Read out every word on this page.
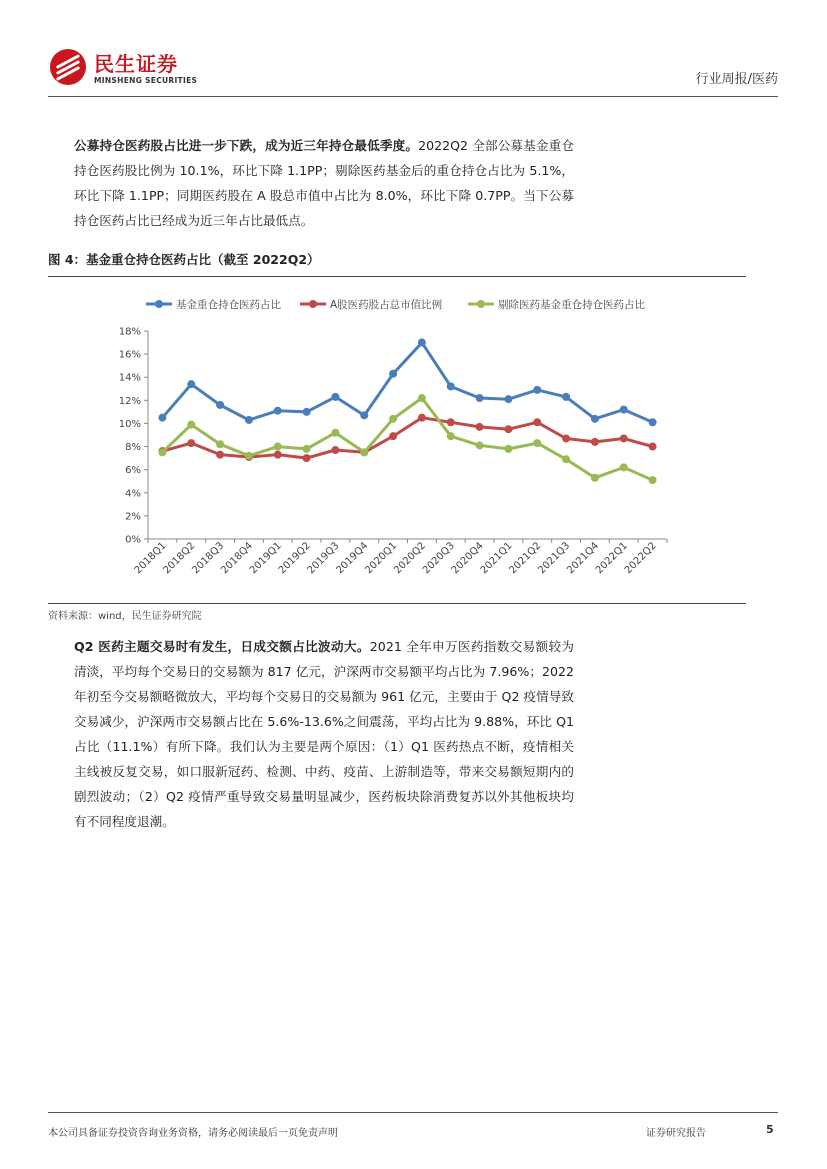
民生证券
MINSHENG SECURITIES	行业周报/医药

公募持仓医药股占比进一步下跌，成为近三年持仓最低季度。2022Q2 全部公募基金重仓持仓医药股比例为 10.1%，环比下降 1.1PP；剔除医药基金后的重仓持仓占比为 5.1%，环比下降 1.1PP；同期医药股在 A 股总市值中占比为 8.0%，环比下降 0.7PP。当下公募持仓医药占比已经成为近三年占比最低点。

图 4：基金重仓持仓医药占比（截至 2022Q2）
0%
2%
4%
6%
8%
10%
12%
14%
16%
18%
2018Q1
2018Q2
2018Q3
2018Q4
2019Q1
2019Q2
2019Q3
2019Q4
2020Q1
2020Q2
2020Q3
2020Q4
2021Q1
2021Q2
2021Q3
2021Q4
2022Q1
2022Q2
基金重仓持仓医药占比	A股医药股占总市值比例	剔除医药基金重仓持仓医药占比
资料来源：wind，民生证券研究院

Q2 医药主题交易时有发生，日成交额占比波动大。2021 全年申万医药指数交易额较为清淡，平均每个交易日的交易额为 817 亿元，沪深两市交易额平均占比为 7.96%；2022 年初至今交易额略微放大，平均每个交易日的交易额为 961 亿元，主要由于 Q2 疫情导致交易减少，沪深两市交易额占比在 5.6%-13.6%之间震荡，平均占比为 9.88%，环比 Q1 占比（11.1%）有所下降。我们认为主要是两个原因：（1）Q1 医药热点不断，疫情相关主线被反复交易，如口服新冠药、检测、中药、疫苗、上游制造等，带来交易额短期内的剧烈波动；（2）Q2 疫情严重导致交易量明显减少，医药板块除消费复苏以外其他板块均有不同程度退潮。

本公司具备证券投资咨询业务资格，请务必阅读最后一页免责声明	证券研究报告	5
